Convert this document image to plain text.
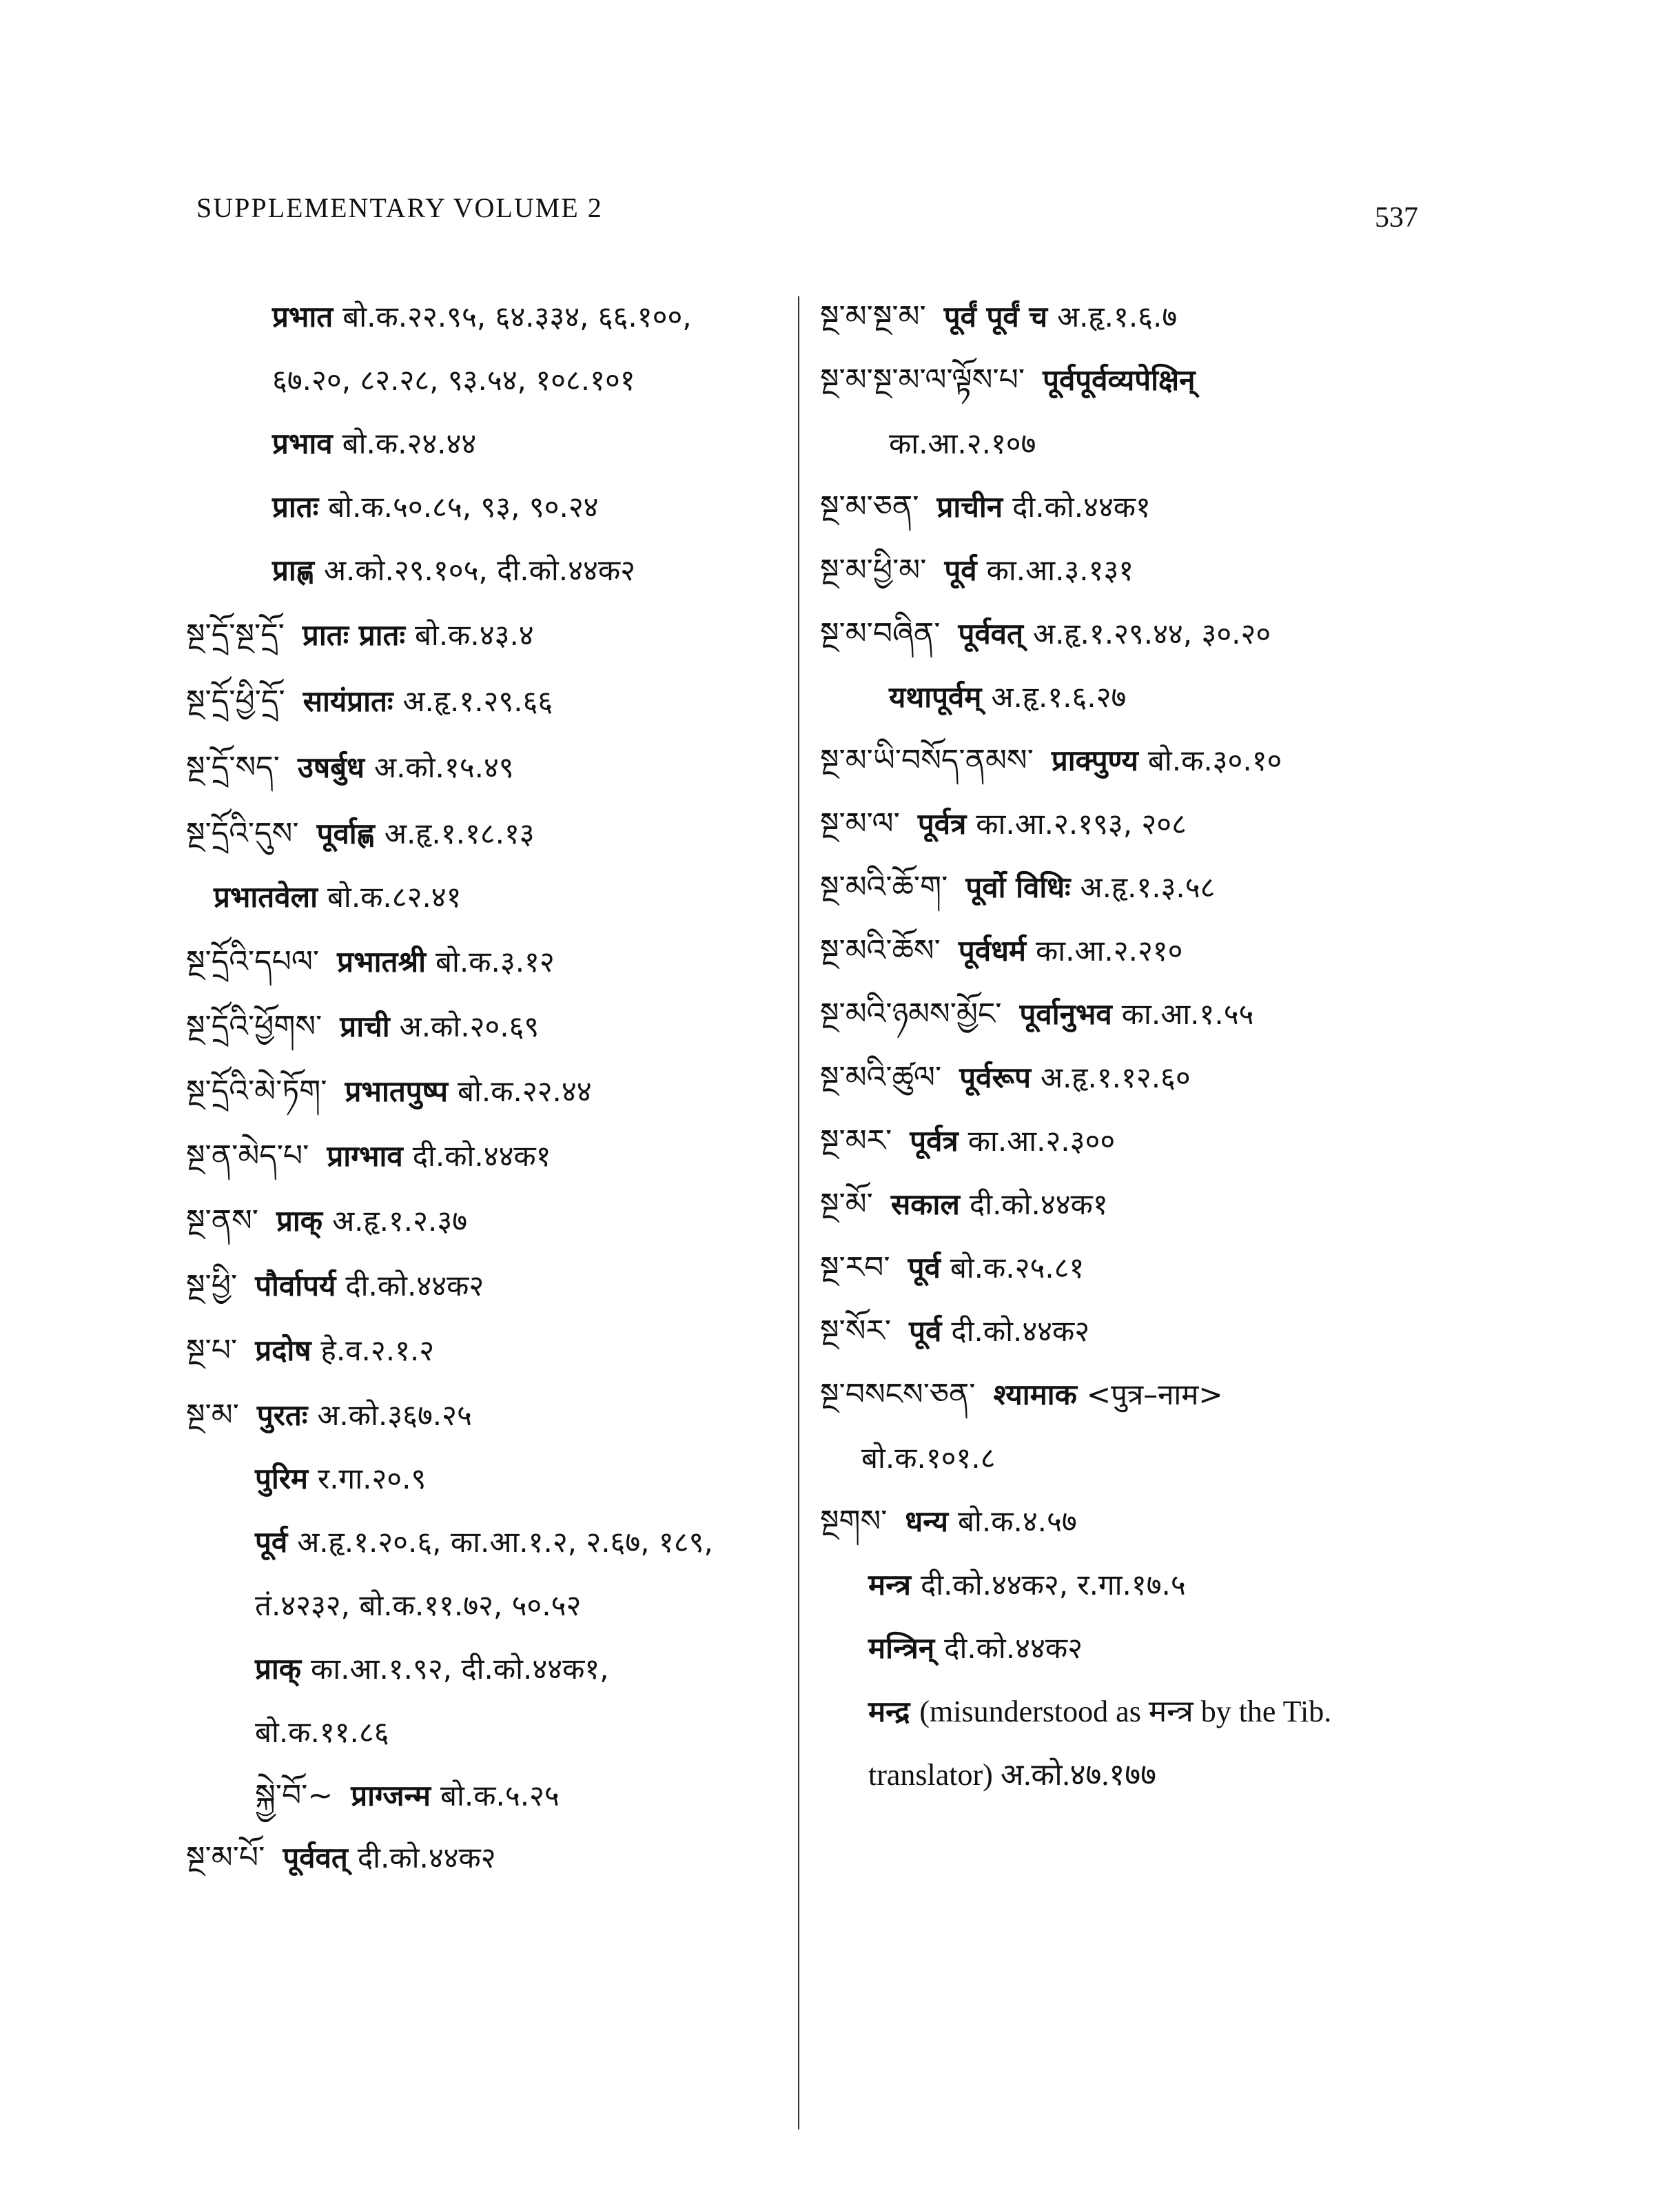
SUPPLEMENTARY VOLUME 2	537
प्रभात बो.क.२२.९५, ६४.३३४, ६६.१००,
६७.२०, ८२.२८, ९३.५४, १०८.१०१
प्रभाव बो.क.२४.४४
प्रातः बो.क.५०.८५, ९३, ९०.२४
प्राह्ण अ.को.२९.१०५, दी.को.४४क२
སྔ་དྲོ་སྔ་དྲོ་ प्रातः प्रातः बो.क.४३.४
སྔ་དྲོ་ཕྱི་དྲོ་ सायंप्रातः अ.हृ.१.२९.६६
སྔ་དྲོ་སད་ उषर्बुध अ.को.१५.४९
སྔ་དྲོའི་དུས་ पूर्वाह्ण अ.हृ.१.१८.१३
प्रभातवेला बो.क.८२.४१
སྔ་དྲོའི་དཔལ་ प्रभातश्री बो.क.३.१२
སྔ་དྲོའི་ཕྱོགས་ प्राची अ.को.२०.६९
སྔ་དྲོའི་མེ་ཏོག་ प्रभातपुष्प बो.क.२२.४४
སྔ་ན་མེད་པ་ प्राग्भाव दी.को.४४क१
སྔ་ནས་ प्राक् अ.हृ.१.२.३७
སྔ་ཕྱི་ पौर्वापर्य दी.को.४४क२
སྔ་པ་ प्रदोष हे.व.२.१.२
སྔ་མ་ पुरतः अ.को.३६७.२५
पुरिम र.गा.२०.९
पूर्व अ.हृ.१.२०.६, का.आ.१.२, २.६७, १८९,
तं.४२३२, बो.क.११.७२, ५०.५२
प्राक् का.आ.१.९२, दी.को.४४क१,
बो.क.११.८६
སྐྱེ་བོ་~ प्राग्जन्म बो.क.५.२५
སྔ་མ་པོ་ पूर्ववत् दी.को.४४क२
སྔ་མ་སྔ་མ་ पूर्वं पूर्वं च अ.हृ.१.६.७
སྔ་མ་སྔ་མ་ལ་ལྟོས་པ་ पूर्वपूर्वव्यपेक्षिन्
का.आ.२.१०७
སྔ་མ་ཅན་ प्राचीन दी.को.४४क१
སྔ་མ་ཕྱི་མ་ पूर्व का.आ.३.१३१
སྔ་མ་བཞིན་ पूर्ववत् अ.हृ.१.२९.४४, ३०.२०
यथापूर्वम् अ.हृ.१.६.२७
སྔ་མ་ཡི་བསོད་ནམས་ प्राक्पुण्य बो.क.३०.१०
སྔ་མ་ལ་ पूर्वत्र का.आ.२.१९३, २०८
སྔ་མའི་ཆོ་ག་ पूर्वो विधिः अ.हृ.१.३.५८
སྔ་མའི་ཆོས་ पूर्वधर्म का.आ.२.२१०
སྔ་མའི་ཉམས་མྱོང་ पूर्वानुभव का.आ.१.५५
སྔ་མའི་ཚུལ་ पूर्वरूप अ.हृ.१.१२.६०
སྔ་མར་ पूर्वत्र का.आ.२.३००
སྔ་མོ་ सकाल दी.को.४४क१
སྔ་རབ་ पूर्व बो.क.२५.८१
སྔ་སོར་ पूर्व दी.को.४४क२
སྔ་བསངས་ཅན་ श्यामाक <पुत्र–नाम>
बो.क.१०१.८
སྔགས་ धन्य बो.क.४.५७
मन्त्र दी.को.४४क२, र.गा.१७.५
मन्त्रिन् दी.को.४४क२
मन्द्र (misunderstood as मन्त्र by the Tib.
translator) अ.को.४७.१७७
